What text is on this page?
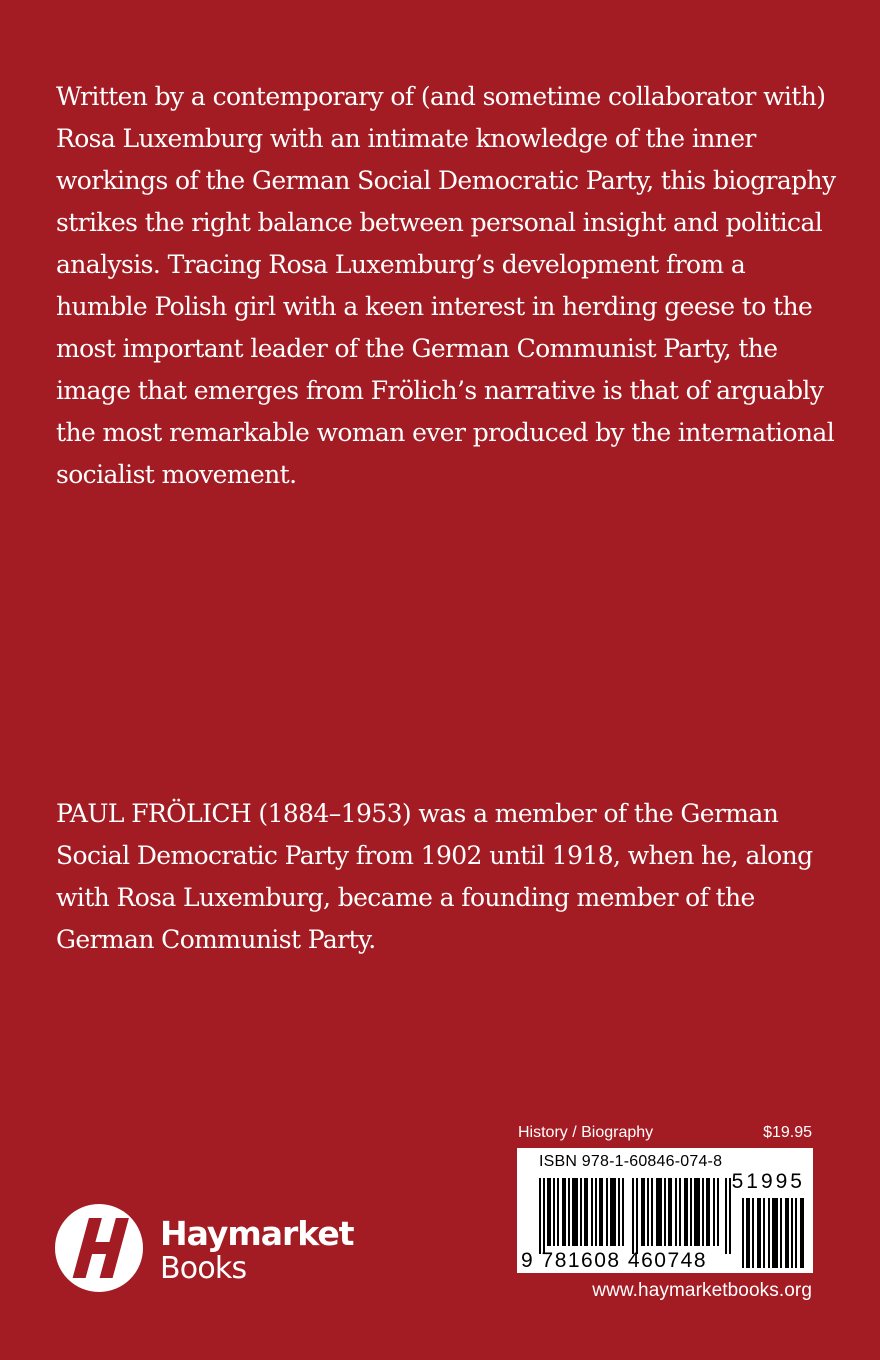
Written by a contemporary of (and sometime collaborator with) Rosa Luxemburg with an intimate knowledge of the inner workings of the German Social Democratic Party, this biography strikes the right balance between personal insight and political analysis. Tracing Rosa Luxemburg’s development from a humble Polish girl with a keen interest in herding geese to the most important leader of the German Communist Party, the image that emerges from Frölich’s narrative is that of arguably the most remarkable woman ever produced by the international socialist movement.

PAUL FRÖLICH (1884–1953) was a member of the German Social Democratic Party from 1902 until 1918, when he, along with Rosa Luxemburg, became a founding member of the German Communist Party.

Haymarket
Books
History / Biography	$19.95
ISBN 978-1-60846-074-8
51995
9 781608 460748
www.haymarketbooks.org
